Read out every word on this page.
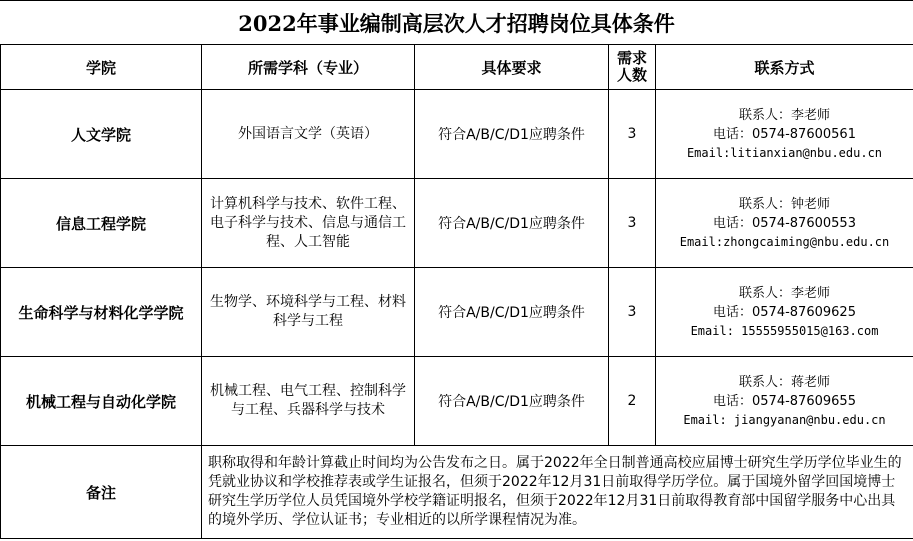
2022年事业编制高层次人才招聘岗位具体条件
学院	所需学科（专业）	具体要求	需求人数	联系方式
人文学院	外国语言文学（英语）	符合A/B/C/D1应聘条件	3	联系人：李老师
电话：0574-87600561
Email:litianxian@nbu.edu.cn

信息工程学院	计算机科学与技术、软件工程、电子科学与技术、信息与通信工程、人工智能	符合A/B/C/D1应聘条件	3	联系人：钟老师
电话：0574-87600553
Email:zhongcaiming@nbu.edu.cn

生命科学与材料化学学院	生物学、环境科学与工程、材料科学与工程	符合A/B/C/D1应聘条件	3	联系人：李老师
电话：0574-87609625
Email: 15555955015@163.com

机械工程与自动化学院	机械工程、电气工程、控制科学与工程、兵器科学与技术	符合A/B/C/D1应聘条件	2	联系人：蒋老师
电话：0574-87609655
Email: jiangyanan@nbu.edu.cn

备注	职称取得和年龄计算截止时间均为公告发布之日。属于2022年全日制普通高校应届博士研究生学历学位毕业生的凭就业协议和学校推荐表或学生证报名，但须于2022年12月31日前取得学历学位。属于国境外留学回国境博士研究生学历学位人员凭国境外学校学籍证明报名，但须于2022年12月31日前取得教育部中国留学服务中心出具的境外学历、学位认证书；专业相近的以所学课程情况为准。			
